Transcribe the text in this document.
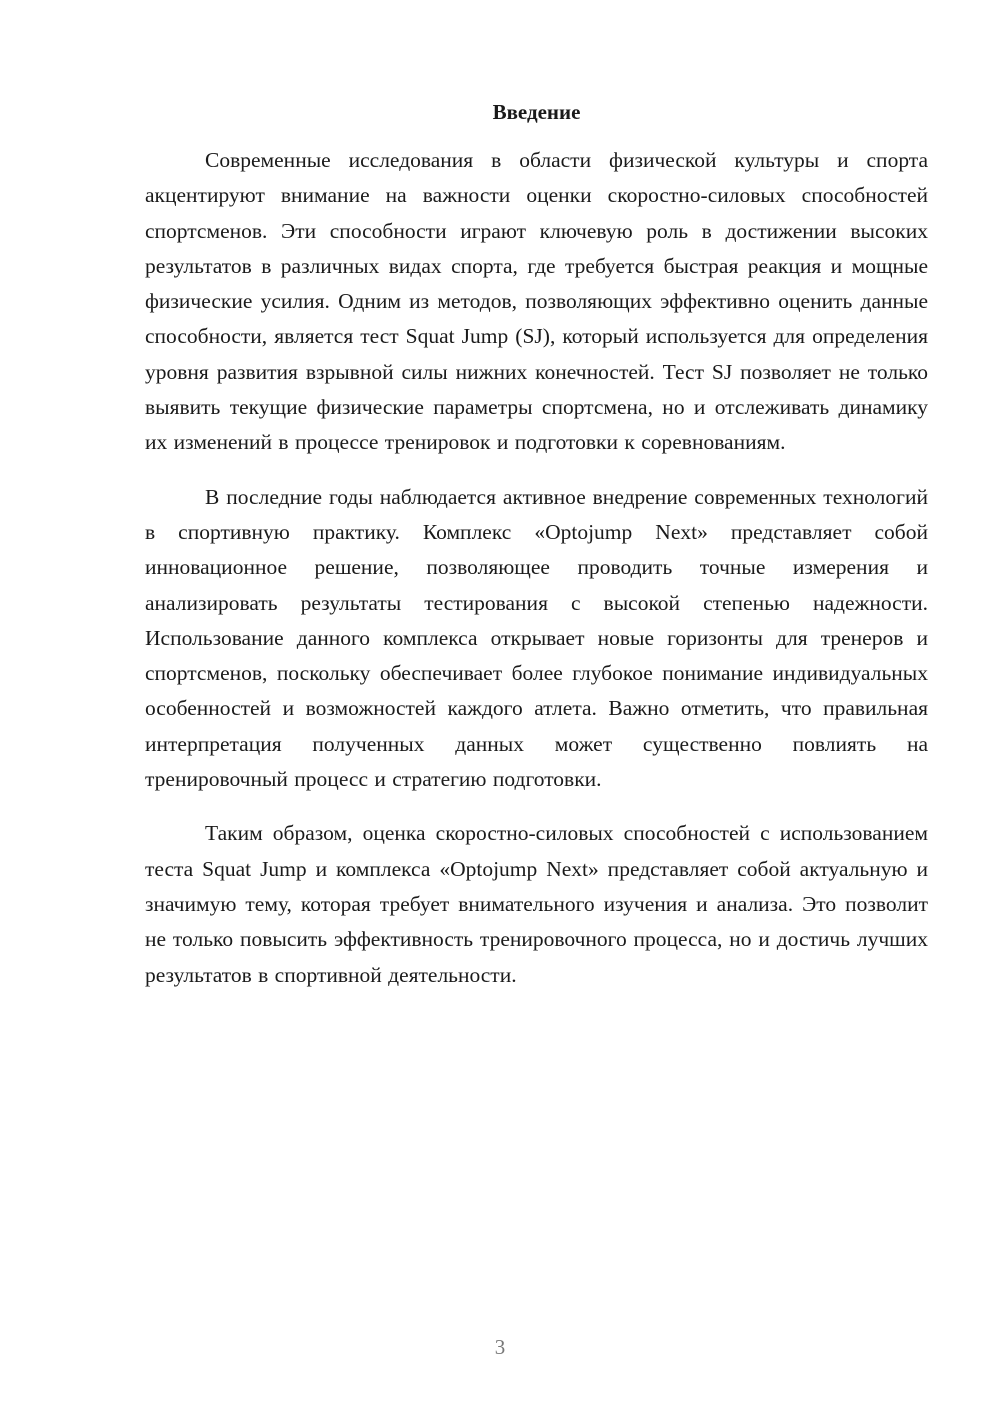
Введение

Современные исследования в области физической культуры и спорта акцентируют внимание на важности оценки скоростно-силовых способностей спортсменов. Эти способности играют ключевую роль в достижении высоких результатов в различных видах спорта, где требуется быстрая реакция и мощные физические усилия. Одним из методов, позволяющих эффективно оценить данные способности, является тест Squat Jump (SJ), который используется для определения уровня развития взрывной силы нижних конечностей. Тест SJ позволяет не только выявить текущие физические параметры спортсмена, но и отслеживать динамику их изменений в процессе тренировок и подготовки к соревнованиям.

В последние годы наблюдается активное внедрение современных технологий в спортивную практику. Комплекс «Optojump Next» представляет собой инновационное решение, позволяющее проводить точные измерения и анализировать результаты тестирования с высокой степенью надежности. Использование данного комплекса открывает новые горизонты для тренеров и спортсменов, поскольку обеспечивает более глубокое понимание индивидуальных особенностей и возможностей каждого атлета. Важно отметить, что правильная интерпретация полученных данных может существенно повлиять на тренировочный процесс и стратегию подготовки.

Таким образом, оценка скоростно-силовых способностей с использованием теста Squat Jump и комплекса «Optojump Next» представляет собой актуальную и значимую тему, которая требует внимательного изучения и анализа. Это позволит не только повысить эффективность тренировочного процесса, но и достичь лучших результатов в спортивной деятельности.

3
